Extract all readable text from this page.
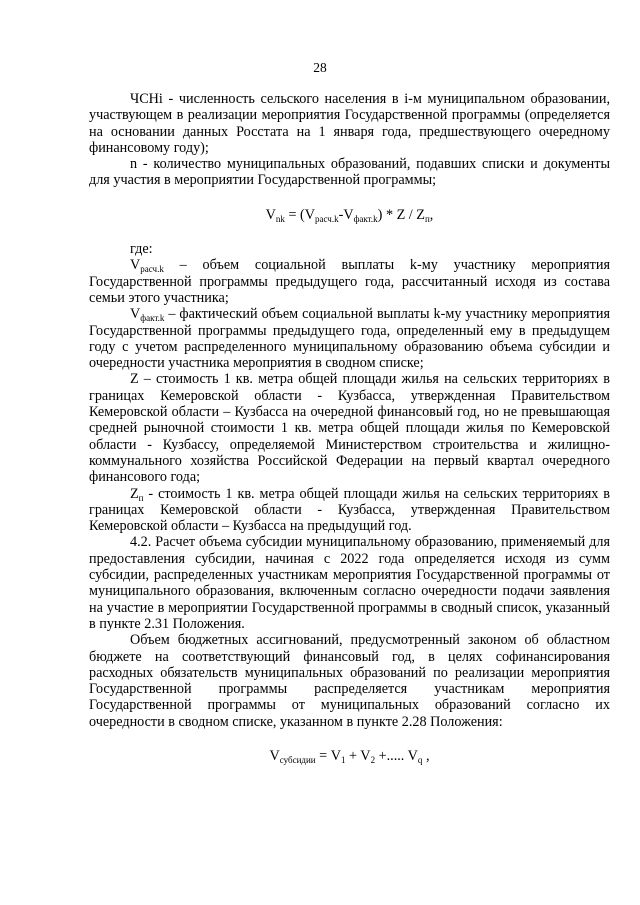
28

ЧСНі - численность сельского населения в i-м муниципальном образовании, участвующем в реализации мероприятия Государственной программы (определяется на основании данных Росстата на 1 января года, предшествующего очередному финансовому году);

n - количество муниципальных образований, подавших списки и документы для участия в мероприятии Государственной программы;

$V_{nk} = (V_{расч.k}-V_{факт.k}) * Z / Z_п$,

где:

$V_{расч.k}$ – объем социальной выплаты k-му участнику мероприятия Государственной программы предыдущего года, рассчитанный исходя из состава семьи этого участника;

$V_{факт.k}$ – фактический объем социальной выплаты k-му участнику мероприятия Государственной программы предыдущего года, определенный ему в предыдущем году с учетом распределенного муниципальному образованию объема субсидии и очередности участника мероприятия в сводном списке;

Z – стоимость 1 кв. метра общей площади жилья на сельских территориях в границах Кемеровской области - Кузбасса, утвержденная Правительством Кемеровской области – Кузбасса на очередной финансовый год, но не превышающая средней рыночной стоимости 1 кв. метра общей площади жилья по Кемеровской области - Кузбассу, определяемой Министерством строительства и жилищно-коммунального хозяйства Российской Федерации на первый квартал очередного финансового года;

$Z_п$ - стоимость 1 кв. метра общей площади жилья на сельских территориях в границах Кемеровской области - Кузбасса, утвержденная Правительством Кемеровской области – Кузбасса на предыдущий год.

4.2. Расчет объема субсидии муниципальному образованию, применяемый для предоставления субсидии, начиная с 2022 года определяется исходя из сумм субсидии, распределенных участникам мероприятия Государственной программы от муниципального образования, включенным согласно очередности подачи заявления на участие в мероприятии Государственной программы в сводный список, указанный в пункте 2.31 Положения.

Объем бюджетных ассигнований, предусмотренный законом об областном бюджете на соответствующий финансовый год, в целях софинансирования расходных обязательств муниципальных образований по реализации мероприятия Государственной программы распределяется участникам мероприятия Государственной программы от муниципальных образований согласно их очередности в сводном списке, указанном в пункте 2.28 Положения:

$V_{субсидии} = V_1 + V_2$ +..... $V_q$ ,
